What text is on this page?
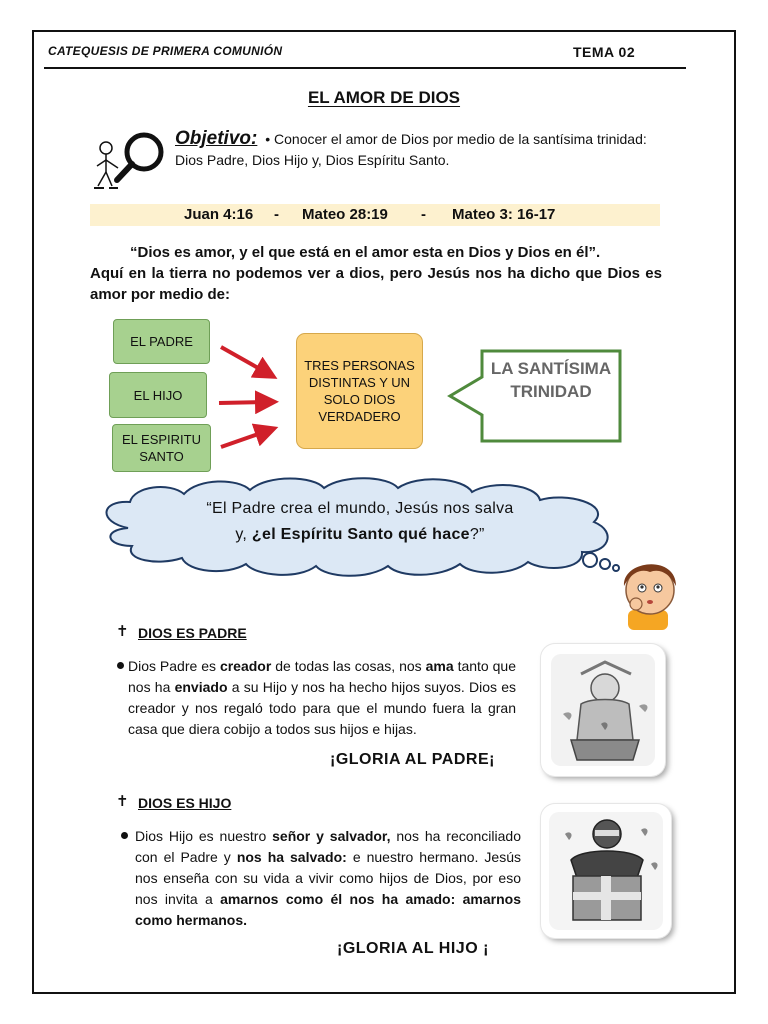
CATEQUESIS DE PRIMERA COMUNIÓN	TEMA 02
EL AMOR DE DIOS
Objetivo: • Conocer el amor de Dios por medio de la santísima trinidad: Dios Padre, Dios Hijo y, Dios Espíritu Santo.

Juan 4:16

-

Mateo 28:19

-

Mateo 3: 16-17

“Dios es amor, y el que está en el amor esta en Dios y Dios en él”.
Aquí en la tierra no podemos ver a dios, pero Jesús nos ha dicho que Dios es amor por medio de:
EL PADRE
EL HIJO
EL ESPIRITU SANTO
TRES PERSONAS DISTINTAS Y UN SOLO DIOS VERDADERO
LA SANTÍSIMA TRINIDAD
“El Padre crea el mundo, Jesús nos salva
y, ¿el Espíritu Santo qué hace?”
✝ DIOS ES PADRE
Dios Padre es creador de todas las cosas, nos ama tanto que nos ha enviado a su Hijo y nos ha hecho hijos suyos. Dios es creador y nos regaló todo para que el mundo fuera la gran casa que diera cobijo a todos sus hijos e hijas.
¡GLORIA AL PADRE¡
✝ DIOS ES HIJO
Dios Hijo es nuestro señor y salvador, nos ha reconciliado con el Padre y nos ha salvado: e nuestro hermano. Jesús nos enseña con su vida a vivir como hijos de Dios, por eso nos invita a amarnos como él nos ha amado: amarnos como hermanos.
¡GLORIA AL HIJO ¡
